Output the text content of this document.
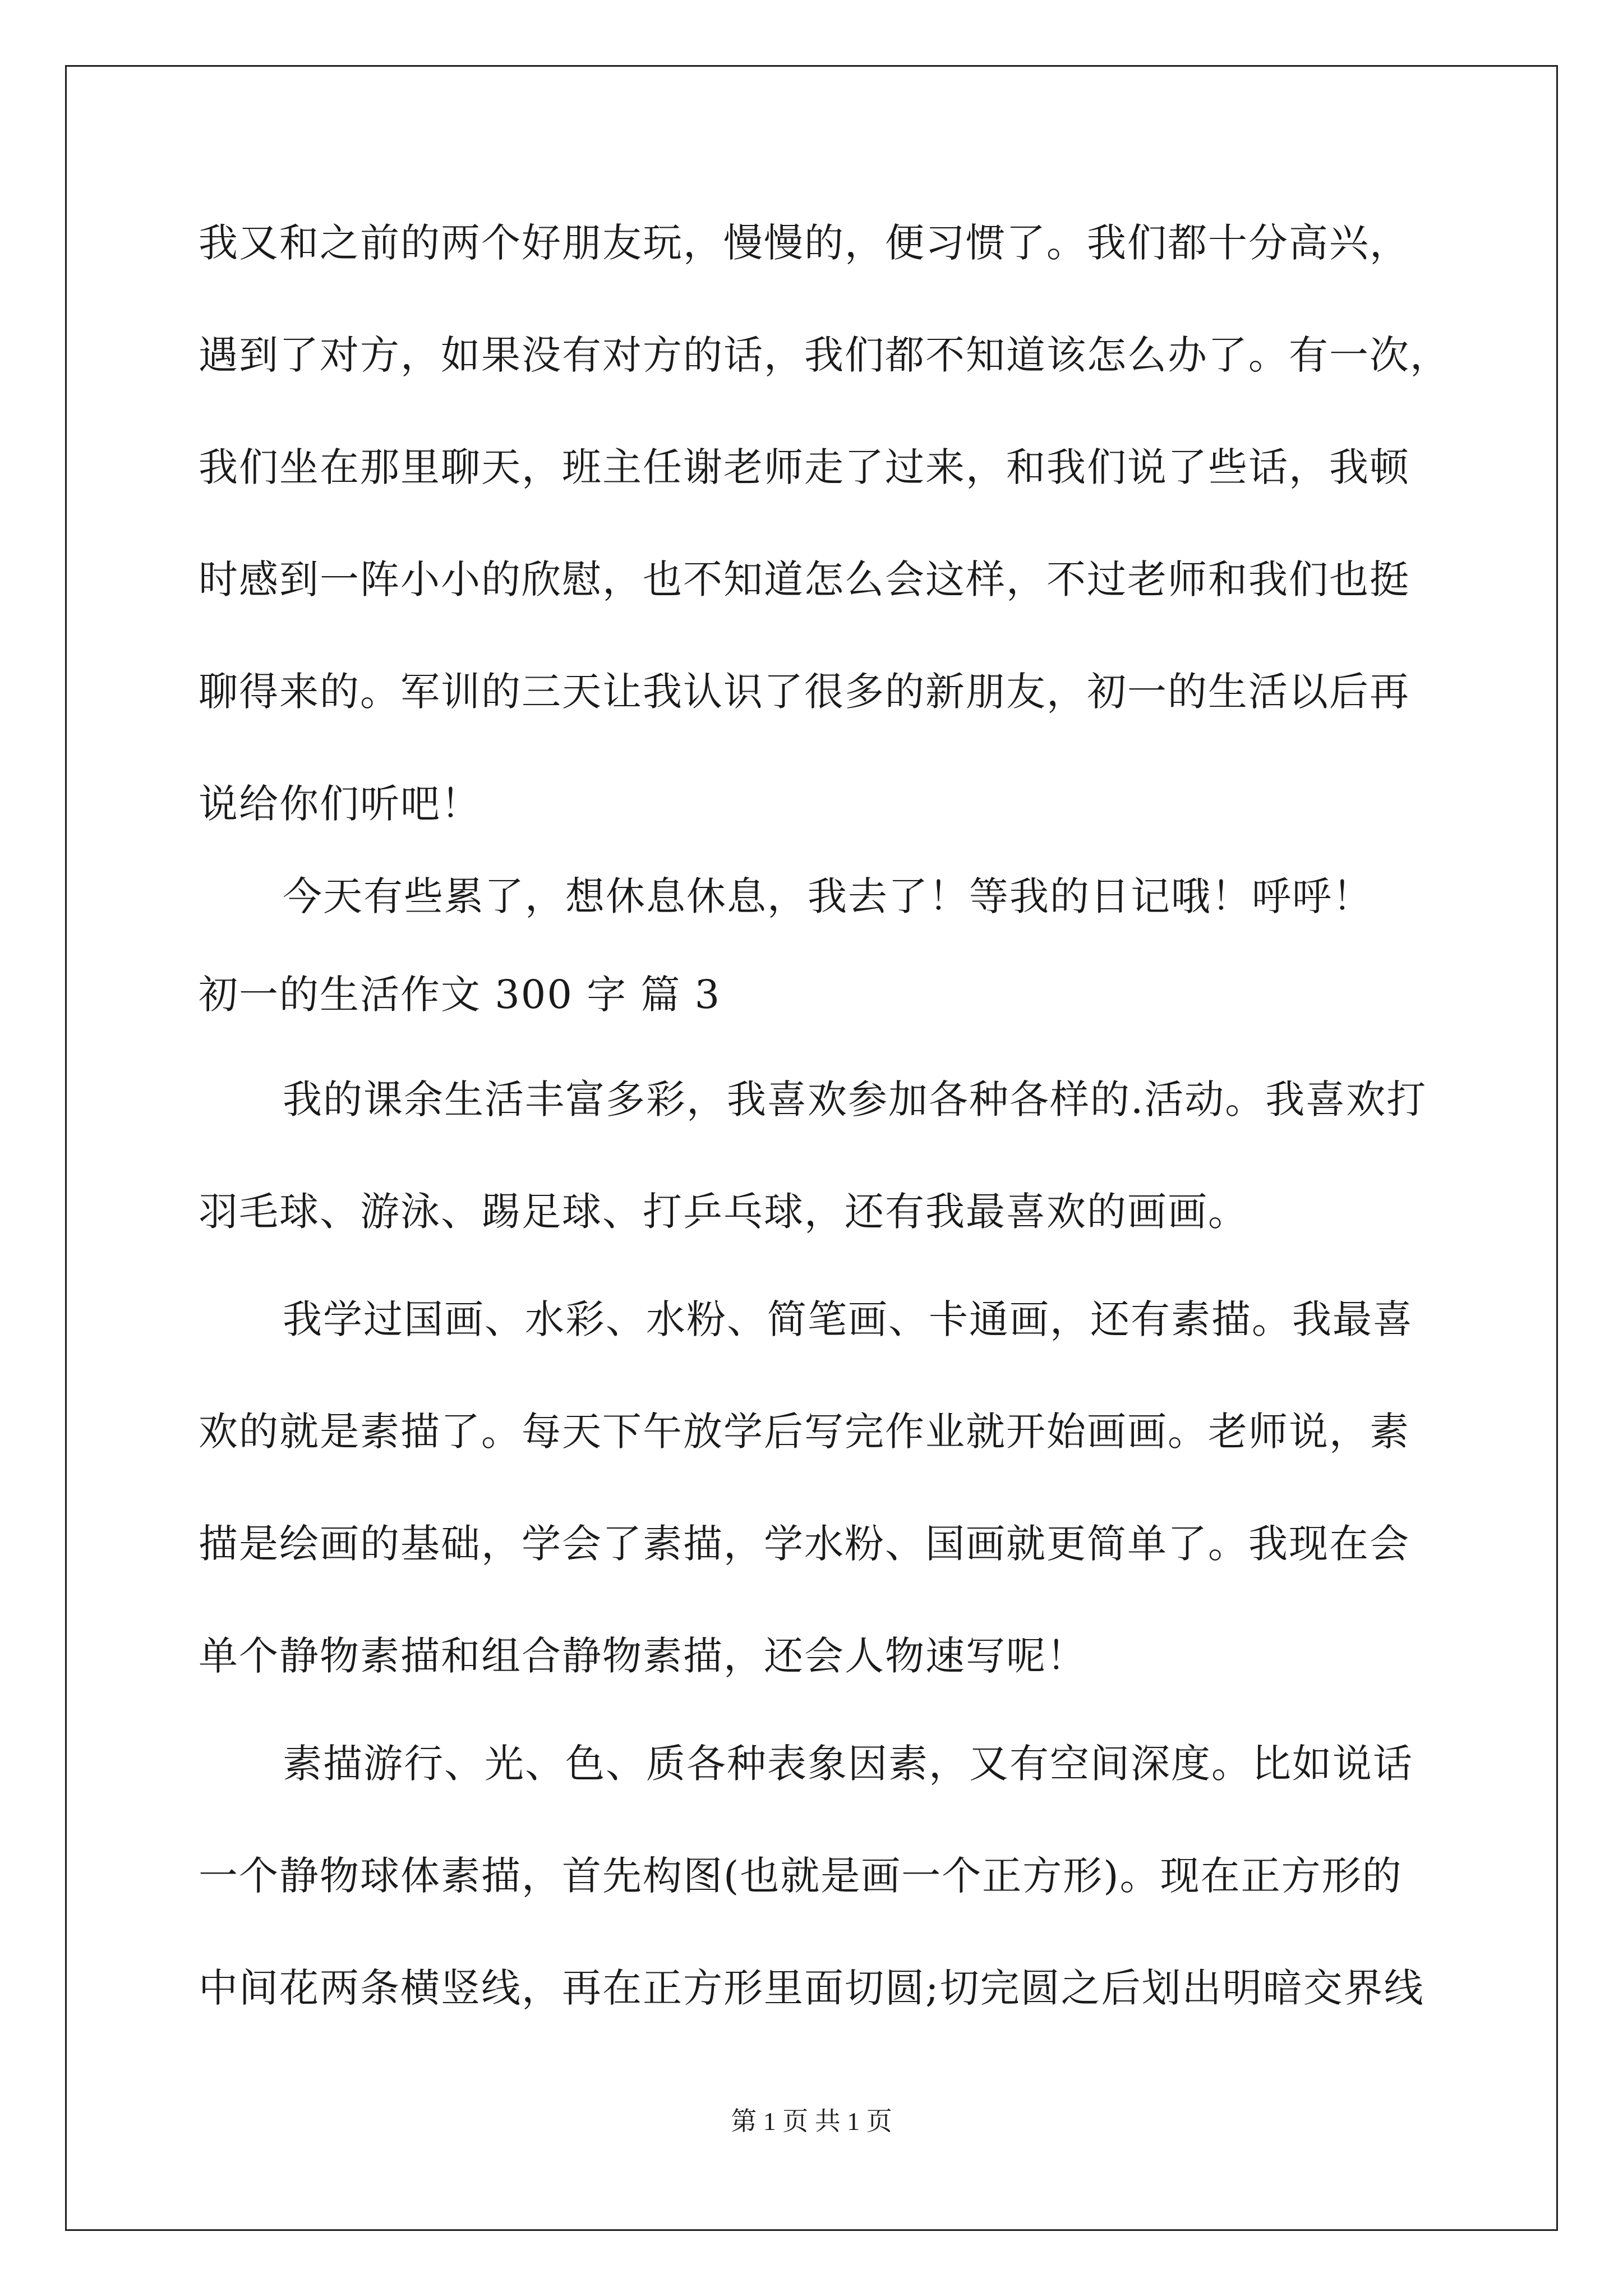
我又和之前的两个好朋友玩，慢慢的，便习惯了。我们都十分高兴，
遇到了对方，如果没有对方的话，我们都不知道该怎么办了。有一次，
我们坐在那里聊天，班主任谢老师走了过来，和我们说了些话，我顿
时感到一阵小小的欣慰，也不知道怎么会这样，不过老师和我们也挺
聊得来的。军训的三天让我认识了很多的新朋友，初一的生活以后再
说给你们听吧！
今天有些累了，想休息休息，我去了！等我的日记哦！呼呼！
初一的生活作文 300 字 篇 3
我的课余生活丰富多彩，我喜欢参加各种各样的.活动。我喜欢打
羽毛球、游泳、踢足球、打乒乓球，还有我最喜欢的画画。
我学过国画、水彩、水粉、简笔画、卡通画，还有素描。我最喜
欢的就是素描了。每天下午放学后写完作业就开始画画。老师说，素
描是绘画的基础，学会了素描，学水粉、国画就更简单了。我现在会
单个静物素描和组合静物素描，还会人物速写呢！
素描游行、光、色、质各种表象因素，又有空间深度。比如说话
一个静物球体素描，首先构图(也就是画一个正方形)。现在正方形的
中间花两条横竖线，再在正方形里面切圆;切完圆之后划出明暗交界线
第 1 页 共 1 页
